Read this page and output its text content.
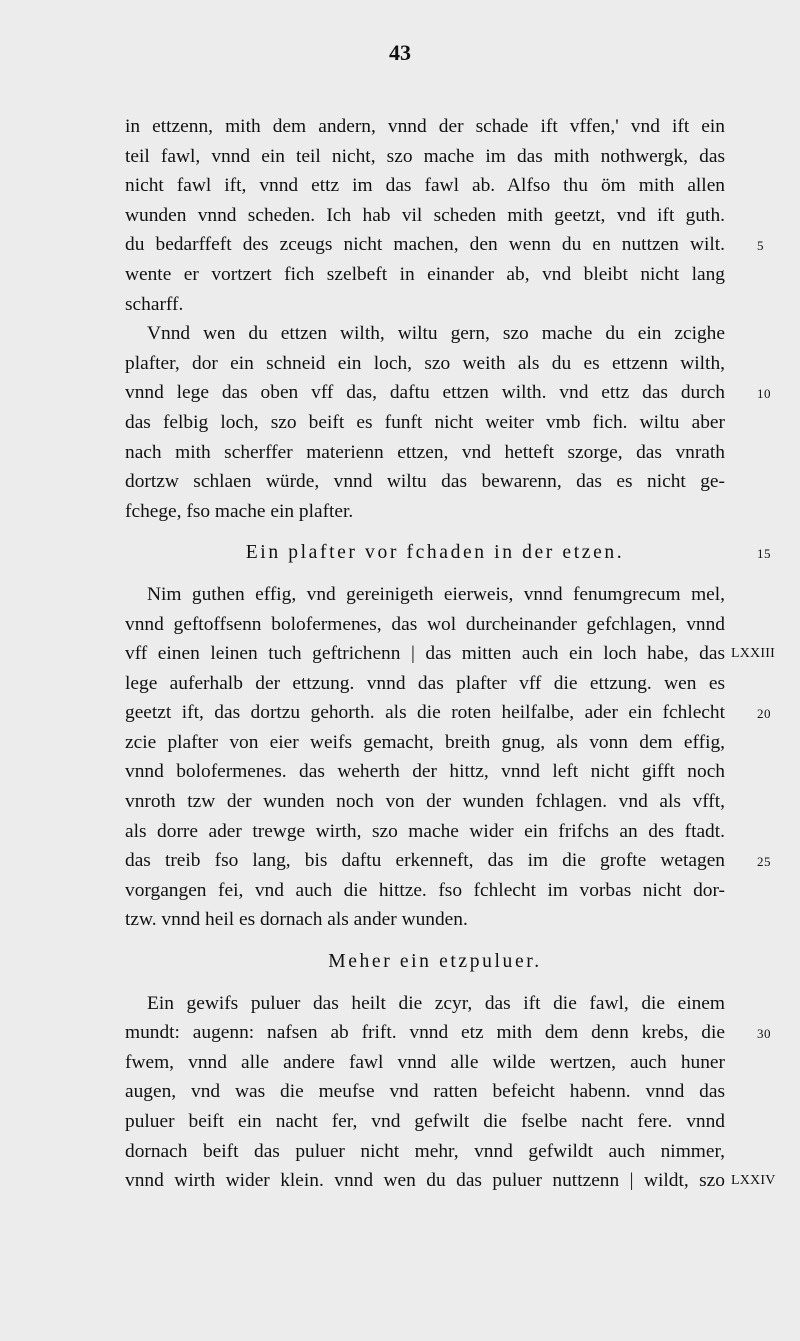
43
in ettzenn, mith dem andern, vnnd der schade ift vffen,' vnd ift ein
teil fawl, vnnd ein teil nicht, szo mache im das mith nothwergk, das
nicht fawl ift, vnnd ettz im das fawl ab. Alfso thu öm mith allen
wunden vnnd scheden. Ich hab vil scheden mith geetzt, vnd ift guth.
du bedarffeft des zceugs nicht machen, den wenn du en nuttzen wilt. 5
wente er vortzert fich szelbeft in einander ab, vnd bleibt nicht lang
scharff.
Vnnd wen du ettzen wilth, wiltu gern, szo mache du ein zcighe
plafter, dor ein schneid ein loch, szo weith als du es ettzenn wilth,
vnnd lege das oben vff das, daftu ettzen wilth. vnd ettz das durch 10
das felbig loch, szo beift es funft nicht weiter vmb fich. wiltu aber
nach mith scherffer materienn ettzen, vnd hetteft szorge, das vnrath
dortzw schlaen würde, vnnd wiltu das bewarenn, das es nicht ge-
fchege, fso mache ein plafter.
Ein plafter vor fchaden in der etzen.	15
Nim guthen effig, vnd gereinigeth eierweis, vnnd fenumgrecum mel,
vnnd geftoffsenn bolofermenes, das wol durcheinander gefchlagen, vnnd
vff einen leinen tuch geftrichenn | das mitten auch ein loch habe, das LXXIII
lege auferhalb der ettzung. vnnd das plafter vff die ettzung. wen es
geetzt ift, das dortzu gehorth. als die roten heilfalbe, ader ein fchlecht 20
zcie plafter von eier weifs gemacht, breith gnug, als vonn dem effig,
vnnd bolofermenes. das weherth der hittz, vnnd left nicht gifft noch
vnroth tzw der wunden noch von der wunden fchlagen. vnd als vfft,
als dorre ader trewge wirth, szo mache wider ein frifchs an des ftadt.
das treib fso lang, bis daftu erkenneft, das im die grofte wetagen 25
vorgangen fei, vnd auch die hittze. fso fchlecht im vorbas nicht dor-
tzw. vnnd heil es dornach als ander wunden.
Meher ein etzpuluer.
Ein gewifs puluer das heilt die zcyr, das ift die fawl, die einem
mundt: augenn: nafsen ab frift. vnnd etz mith dem denn krebs, die 30
fwem, vnnd alle andere fawl vnnd alle wilde wertzen, auch huner
augen, vnd was die meufse vnd ratten befeicht habenn. vnnd das
puluer beift ein nacht fer, vnd gefwilt die fselbe nacht fere. vnnd
dornach beift das puluer nicht mehr, vnnd gefwildt auch nimmer,
vnnd wirth wider klein. vnnd wen du das puluer nuttzenn | wildt, szo LXXIV
